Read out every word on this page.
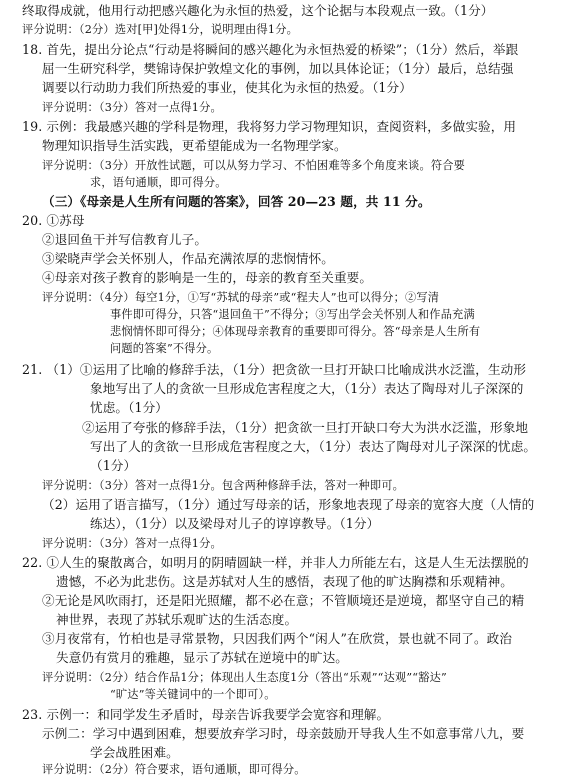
终取得成就，他用行动把感兴趣化为永恒的热爱，这个论据与本段观点一致。（1分）
评分说明：（2分）选对[甲]处得1分，说明理由得1分。
18. 首先，提出分论点“行动是将瞬间的感兴趣化为永恒热爱的桥梁”；（1分）然后，举跟
屈一生研究科学，樊锦诗保护敦煌文化的事例，加以具体论证；（1分）最后，总结强
调要以行动助力我们所热爱的事业，使其化为永恒的热爱。（1分）
评分说明：（3分）答对一点得1分。
19. 示例：我最感兴趣的学科是物理，我将努力学习物理知识，查阅资料，多做实验，用
物理知识指导生活实践，更希望能成为一名物理学家。
评分说明：（3分）开放性试题，可以从努力学习、不怕困难等多个角度来谈。符合要
求，语句通顺，即可得分。
（三）《母亲是人生所有问题的答案》，回答 20—23 题，共 11 分。
20. ①苏母
②退回鱼干并写信教育儿子。
③梁晓声学会关怀别人，作品充满浓厚的悲悯情怀。
④母亲对孩子教育的影响是一生的，母亲的教育至关重要。
评分说明：（4分）每空1分，①写“苏轼的母亲”或“程夫人”也可以得分；②写清
事件即可得分，只答“退回鱼干”不得分；③写出学会关怀别人和作品充满
悲悯情怀即可得分；④体现母亲教育的重要即可得分。答“母亲是人生所有
问题的答案”不得分。
21. （1）①运用了比喻的修辞手法，（1分）把贪欲一旦打开缺口比喻成洪水泛滥，生动形
象地写出了人的贪欲一旦形成危害程度之大，（1分）表达了陶母对儿子深深的
忧虑。（1分）
②运用了夸张的修辞手法，（1分）把贪欲一旦打开缺口夸大为洪水泛滥，形象地
写出了人的贪欲一旦形成危害程度之大，（1分）表达了陶母对儿子深深的忧虑。
（1分）
评分说明：（3分）答对一点得1分。包含两种修辞手法，答对一种即可。
（2）运用了语言描写，（1分）通过写母亲的话，形象地表现了母亲的宽容大度（人情的
练达），（1分）以及梁母对儿子的谆谆教导。（1分）
评分说明：（3分）答对一点得1分。
22. ①人生的聚散离合，如明月的阴晴圆缺一样，并非人力所能左右，这是人生无法摆脱的
遗憾，不必为此悲伤。这是苏轼对人生的感悟，表现了他的旷达胸襟和乐观精神。
②无论是风吹雨打，还是阳光照耀，都不必在意；不管顺境还是逆境，都坚守自己的精
神世界，表现了苏轼乐观旷达的生活态度。
③月夜常有，竹柏也是寻常景物，只因我们两个“闲人”在欣赏，景也就不同了。政治
失意仍有赏月的雅趣，显示了苏轼在逆境中的旷达。
评分说明：（2分）结合作品1分；体现出人生态度1分（答出“乐观”“达观”“豁达”
“旷达”等关键词中的一个即可）。
23. 示例一：和同学发生矛盾时，母亲告诉我要学会宽容和理解。
示例二：学习中遇到困难，想要放弃学习时，母亲鼓励开导我人生不如意事常八九，要
学会战胜困难。
评分说明：（2分）符合要求，语句通顺，即可得分。
